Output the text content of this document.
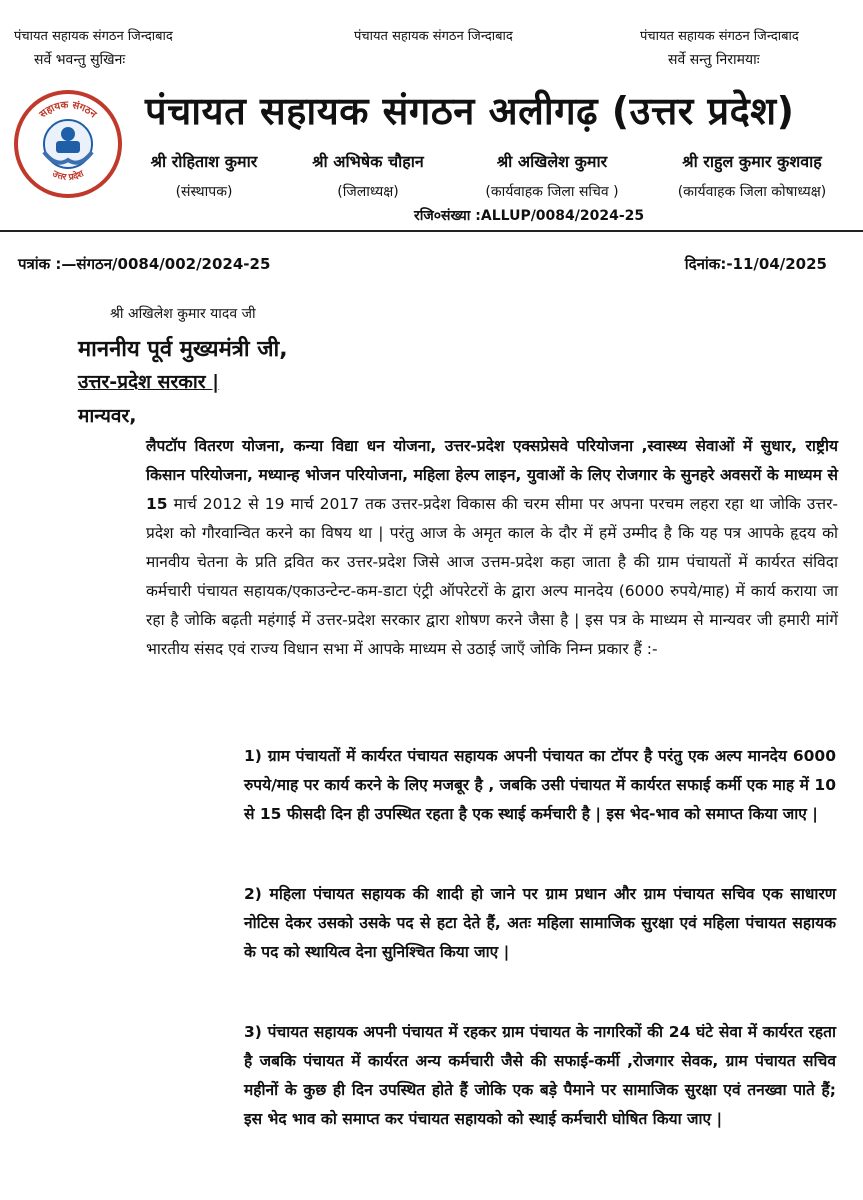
पंचायत सहायक संगठन जिन्दाबाद	पंचायत सहायक संगठन जिन्दाबाद	पंचायत सहायक संगठन जिन्दाबाद
सर्वे भवन्तु सुखिनः	सर्वे सन्तु निरामयाः
सहायक संगठन
उत्तर प्रदेश
पंचायत सहायक संगठन अलीगढ़ (उत्तर प्रदेश)
श्री रोहिताश कुमार
(संस्थापक)
श्री अभिषेक चौहान
(जिलाध्यक्ष)
श्री अखिलेश कुमार
(कार्यवाहक जिला सचिव )
श्री राहुल कुमार कुशवाह
(कार्यवाहक जिला कोषाध्यक्ष)
रजि०संख्या :ALLUP/0084/2024-25
पत्रांक :—संगठन/0084/002/2024-25	दिनांक:-11/04/2025
श्री अखिलेश कुमार यादव जी
माननीय पूर्व मुख्यमंत्री जी,
उत्तर-प्रदेश सरकार |
मान्यवर,
लैपटॉप वितरण योजना, कन्या विद्या धन योजना, उत्तर-प्रदेश एक्सप्रेसवे परियोजना ,स्वास्थ्य सेवाओं में सुधार, राष्ट्रीय किसान परियोजना, मध्यान्ह भोजन परियोजना, महिला हेल्प लाइन, युवाओं के लिए रोजगार के सुनहरे अवसरों के माध्यम से 15 मार्च 2012 से 19 मार्च 2017 तक उत्तर-प्रदेश विकास की चरम सीमा पर अपना परचम लहरा रहा था जोकि उत्तर-प्रदेश को गौरवान्वित करने का विषय था | परंतु आज के अमृत काल के दौर में हमें उम्मीद है कि यह पत्र आपके हृदय को मानवीय चेतना के प्रति द्रवित कर उत्तर-प्रदेश जिसे आज उत्तम-प्रदेश कहा जाता है की ग्राम पंचायतों में कार्यरत संविदा कर्मचारी पंचायत सहायक/एकाउन्टेन्ट-कम-डाटा एंट्री ऑपरेटरों के द्वारा अल्प मानदेय (6000 रुपये/माह) में कार्य कराया जा रहा है जोकि बढ़ती महंगाई में उत्तर-प्रदेश सरकार द्वारा शोषण करने जैसा है | इस पत्र के माध्यम से मान्यवर जी हमारी मांगें भारतीय संसद एवं राज्य विधान सभा में आपके माध्यम से उठाई जाएँ जोकि निम्न प्रकार हैं :-
1) ग्राम पंचायतों में कार्यरत पंचायत सहायक अपनी पंचायत का टॉपर है परंतु एक अल्प मानदेय 6000 रुपये/माह पर कार्य करने के लिए मजबूर है , जबकि उसी पंचायत में कार्यरत सफाई कर्मी एक माह में 10 से 15 फीसदी दिन ही उपस्थित रहता है एक स्थाई कर्मचारी है | इस भेद-भाव को समाप्त किया जाए |
2) महिला पंचायत सहायक की शादी हो जाने पर ग्राम प्रधान और ग्राम पंचायत सचिव एक साधारण नोटिस देकर उसको उसके पद से हटा देते हैं, अतः महिला सामाजिक सुरक्षा एवं महिला पंचायत सहायक के पद को स्थायित्व देना सुनिश्चित किया जाए |
3) पंचायत सहायक अपनी पंचायत में रहकर ग्राम पंचायत के नागरिकों की 24 घंटे सेवा में कार्यरत रहता है जबकि पंचायत में कार्यरत अन्य कर्मचारी जैसे की सफाई-कर्मी ,रोजगार सेवक, ग्राम पंचायत सचिव महीनों के कुछ ही दिन उपस्थित होते हैं जोकि एक बड़े पैमाने पर सामाजिक सुरक्षा एवं तनख्वा पाते हैं; इस भेद भाव को समाप्त कर पंचायत सहायको को स्थाई कर्मचारी घोषित किया जाए |
